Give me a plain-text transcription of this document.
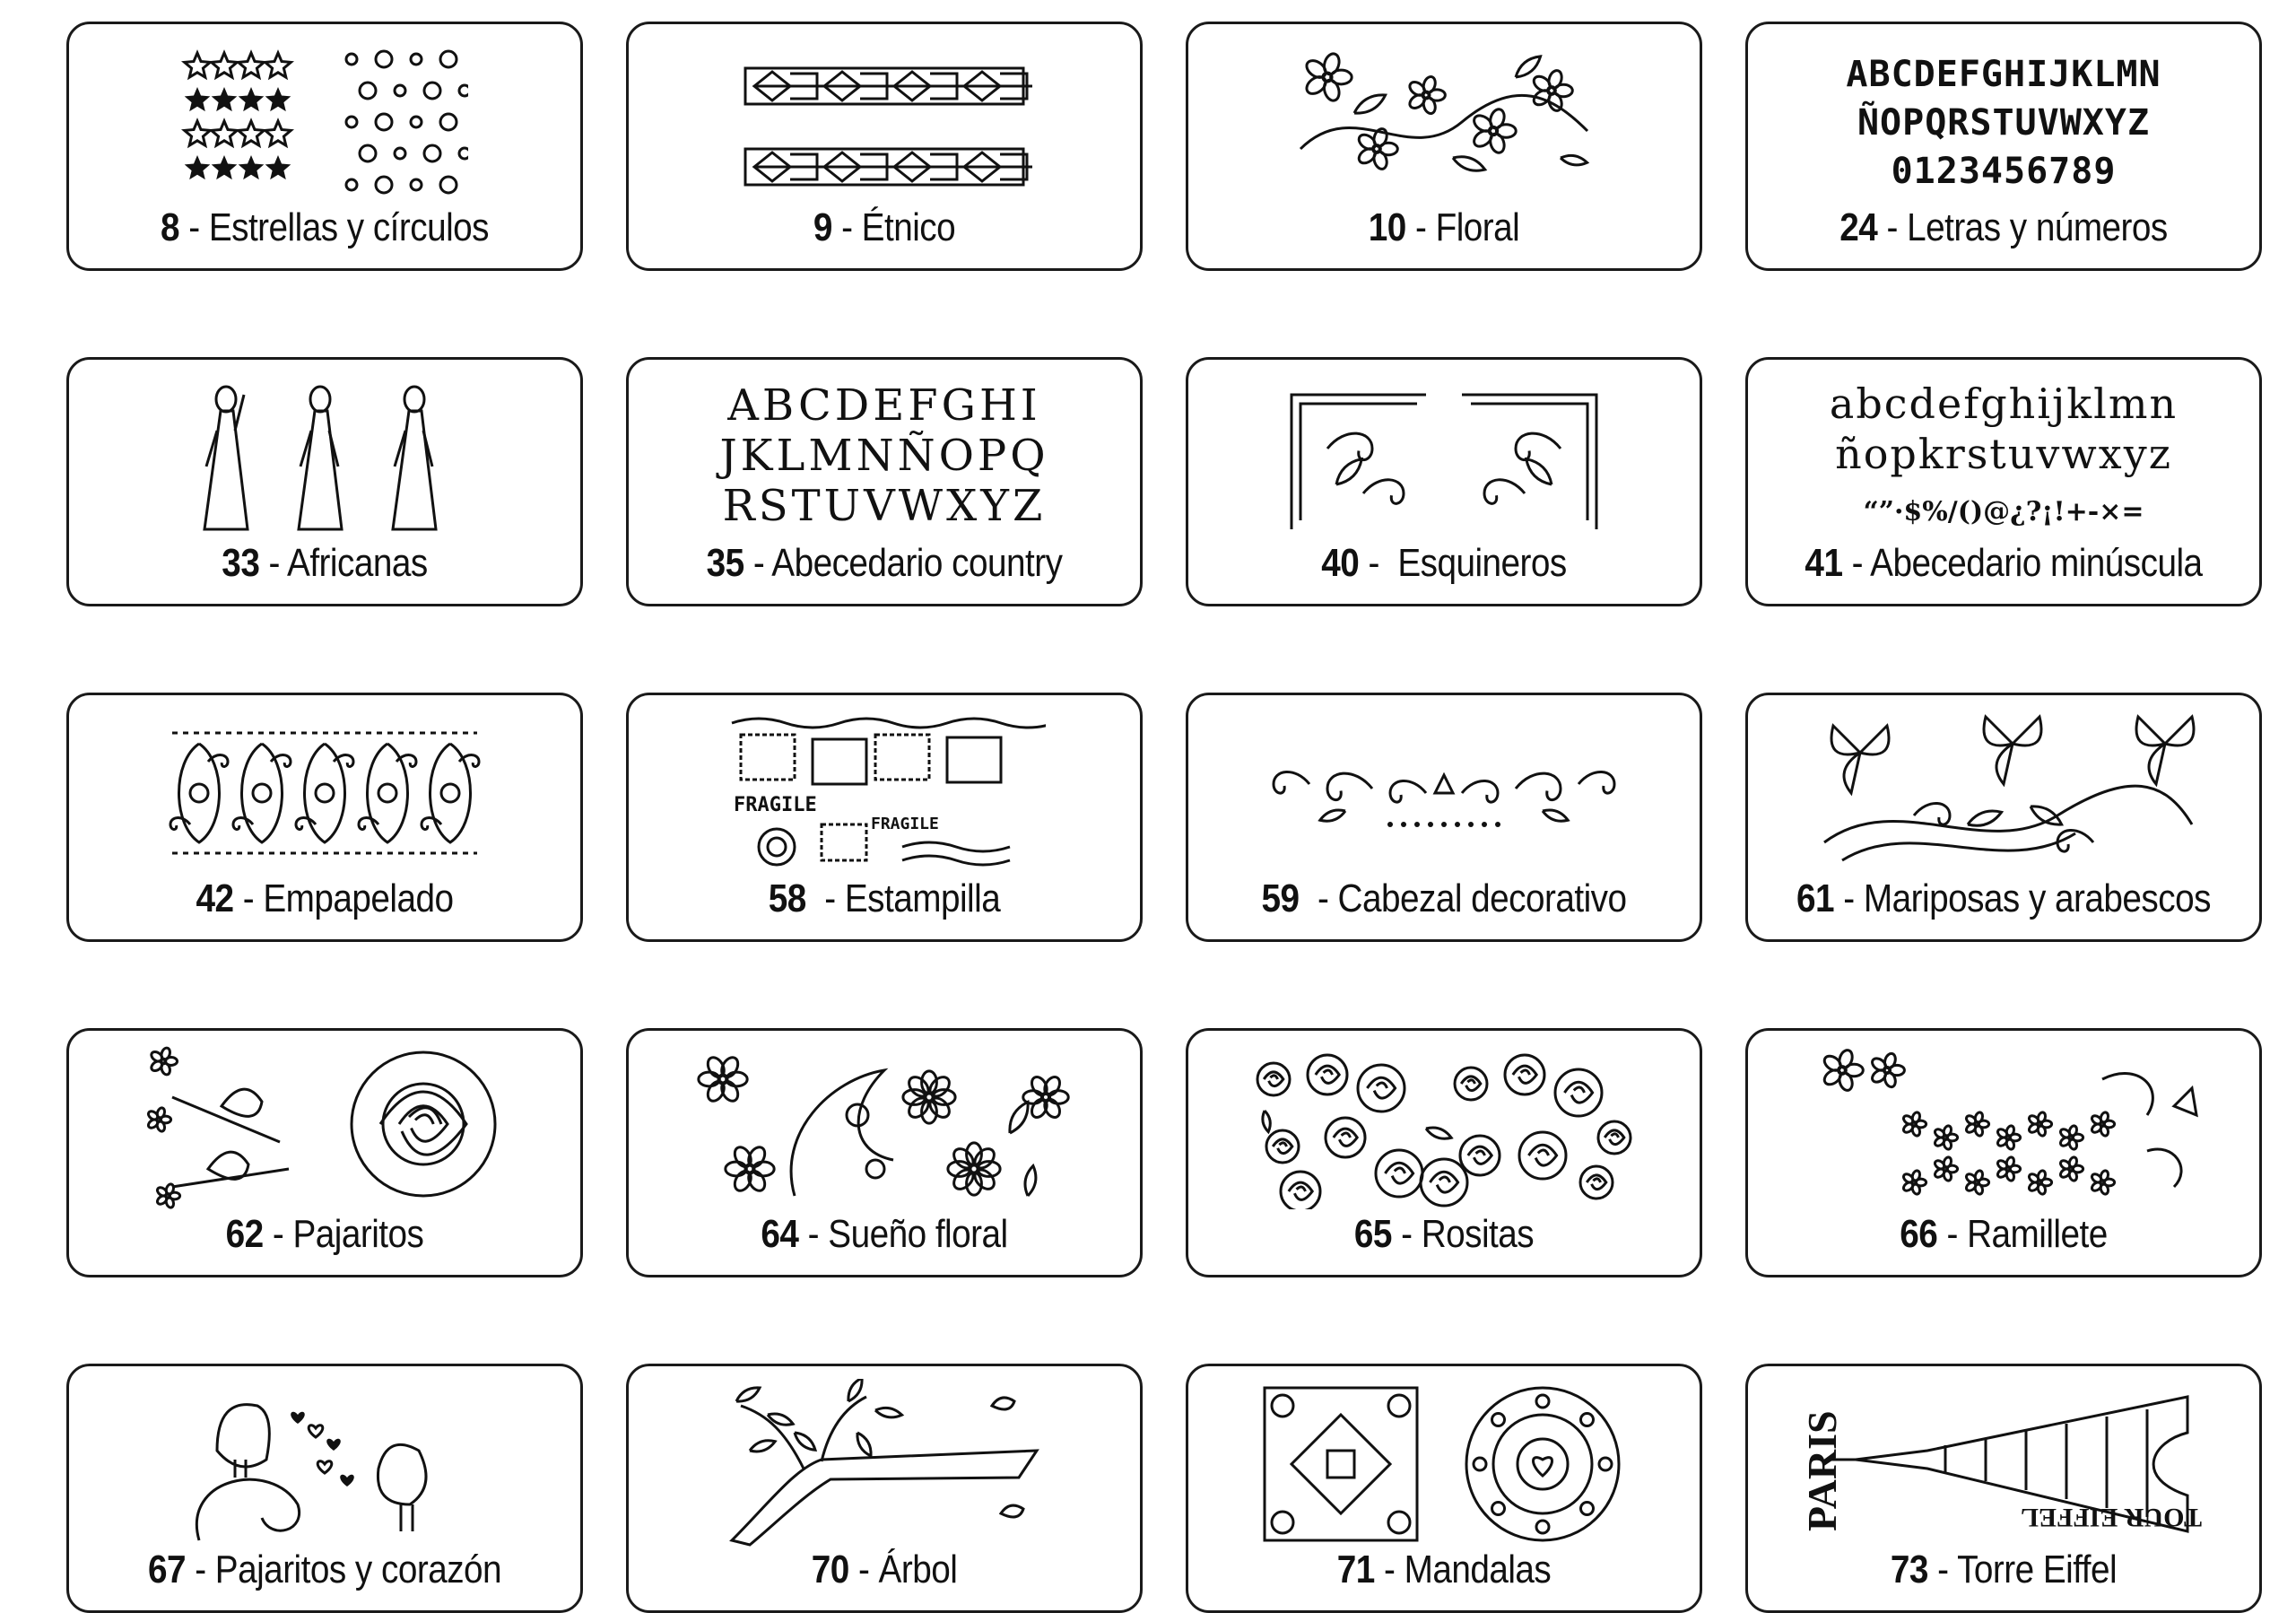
8 - Estrellas y círculos	9 - Étnico	10 - Floral
ABCDEFGHIJKLMN
ÑOPQRSTUVWXYZ
0123456789
24 - Letras y números
33 - Africanas
ABCDEFGHI
JKLMNÑOPQ
RSTUVWXYZ
35 - Abecedario country	40 -  Esquineros
abcdefghijklmn
ñopkrstuvwxyz
“”·$%/()@¿?¡!+-×=
41 - Abecedario minúscula
42 - Empapelado
FRAGILE
FRAGILE
58  - Estampilla	59  - Cabezal decorativo	61 - Mariposas y arabescos
62 - Pajaritos	64 - Sueño floral	65 - Rositas	66 - Ramillete
67 - Pajaritos y corazón	70 - Árbol	71 - Mandalas
PARIS	TOUR EIFFEL
73 - Torre Eiffel
